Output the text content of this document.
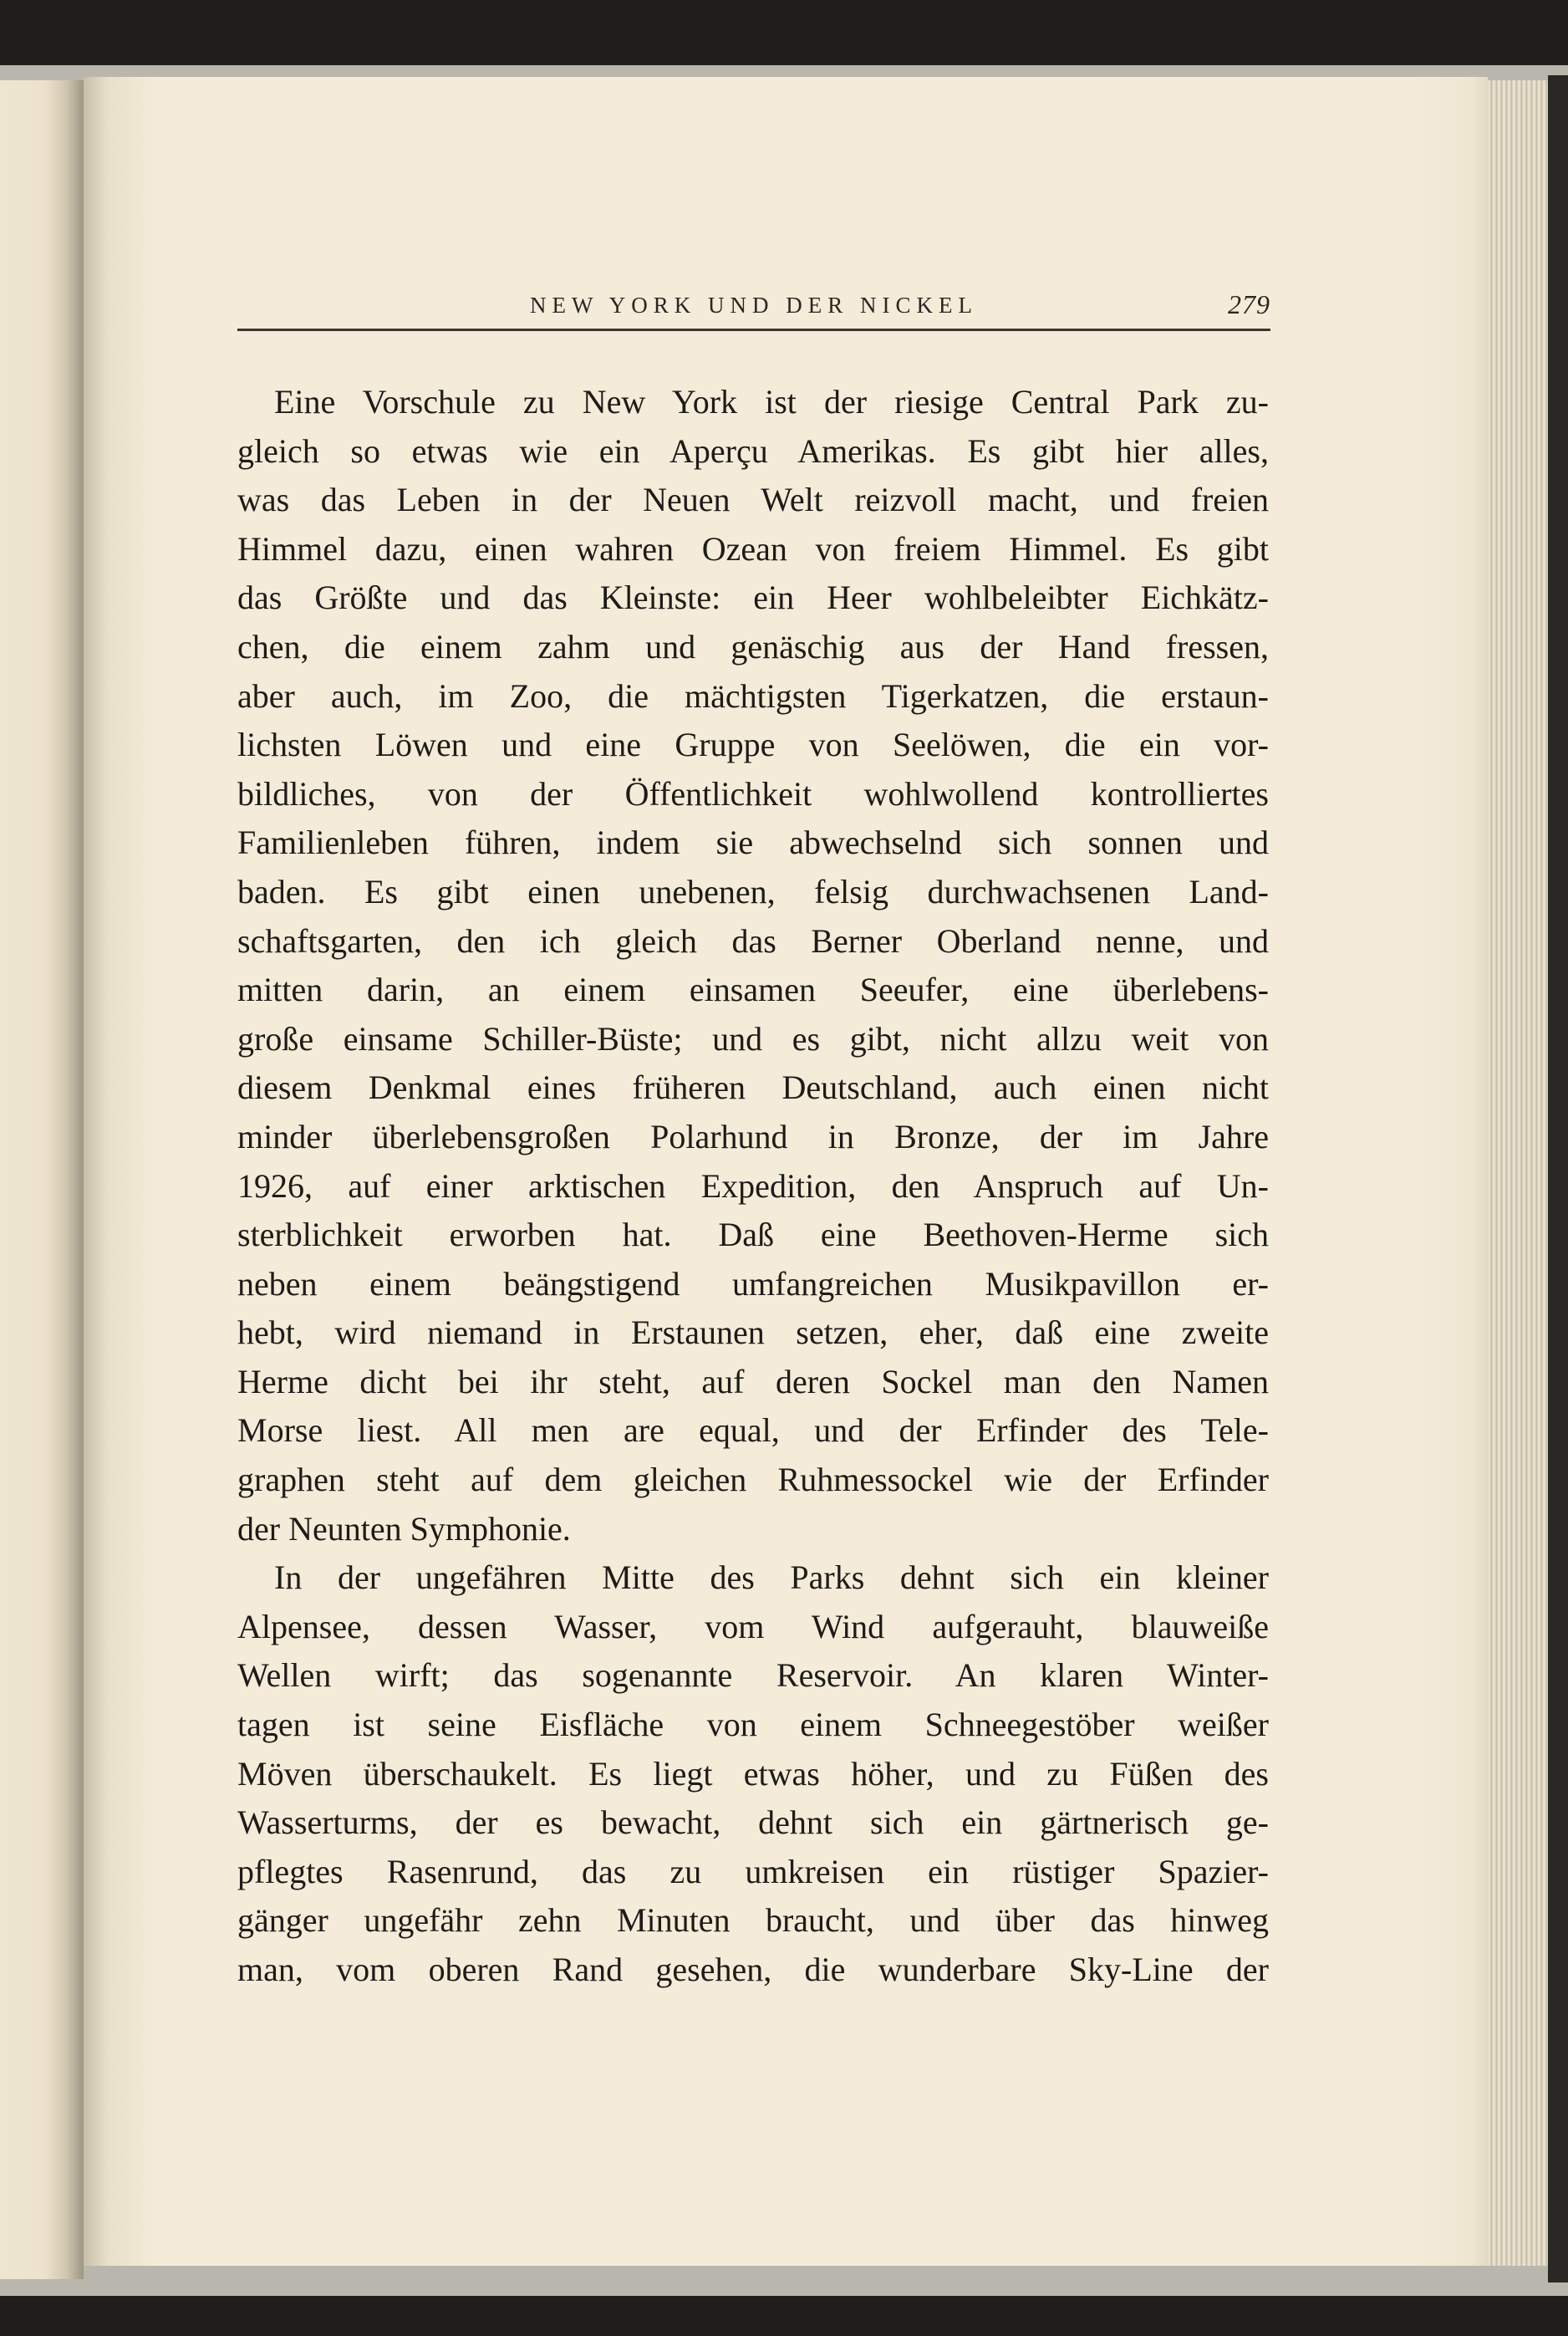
NEW YORK UND DER NICKEL	279
Eine Vorschule zu New York ist der riesige Central Park zu-
gleich so etwas wie ein Aperçu Amerikas. Es gibt hier alles,
was das Leben in der Neuen Welt reizvoll macht, und freien
Himmel dazu, einen wahren Ozean von freiem Himmel. Es gibt
das Größte und das Kleinste: ein Heer wohlbeleibter Eichkätz-
chen, die einem zahm und genäschig aus der Hand fressen,
aber auch, im Zoo, die mächtigsten Tigerkatzen, die erstaun-
lichsten Löwen und eine Gruppe von Seelöwen, die ein vor-
bildliches, von der Öffentlichkeit wohlwollend kontrolliertes
Familienleben führen, indem sie abwechselnd sich sonnen und
baden. Es gibt einen unebenen, felsig durchwachsenen Land-
schaftsgarten, den ich gleich das Berner Oberland nenne, und
mitten darin, an einem einsamen Seeufer, eine überlebens-
große einsame Schiller-Büste; und es gibt, nicht allzu weit von
diesem Denkmal eines früheren Deutschland, auch einen nicht
minder überlebensgroßen Polarhund in Bronze, der im Jahre
1926, auf einer arktischen Expedition, den Anspruch auf Un-
sterblichkeit erworben hat. Daß eine Beethoven-Herme sich
neben einem beängstigend umfangreichen Musikpavillon er-
hebt, wird niemand in Erstaunen setzen, eher, daß eine zweite
Herme dicht bei ihr steht, auf deren Sockel man den Namen
Morse liest. All men are equal, und der Erfinder des Tele-
graphen steht auf dem gleichen Ruhmessockel wie der Erfinder
der Neunten Symphonie.
In der ungefähren Mitte des Parks dehnt sich ein kleiner
Alpensee, dessen Wasser, vom Wind aufgerauht, blauweiße
Wellen wirft; das sogenannte Reservoir. An klaren Winter-
tagen ist seine Eisfläche von einem Schneegestöber weißer
Möven überschaukelt. Es liegt etwas höher, und zu Füßen des
Wasserturms, der es bewacht, dehnt sich ein gärtnerisch ge-
pflegtes Rasenrund, das zu umkreisen ein rüstiger Spazier-
gänger ungefähr zehn Minuten braucht, und über das hinweg
man, vom oberen Rand gesehen, die wunderbare Sky-Line der
